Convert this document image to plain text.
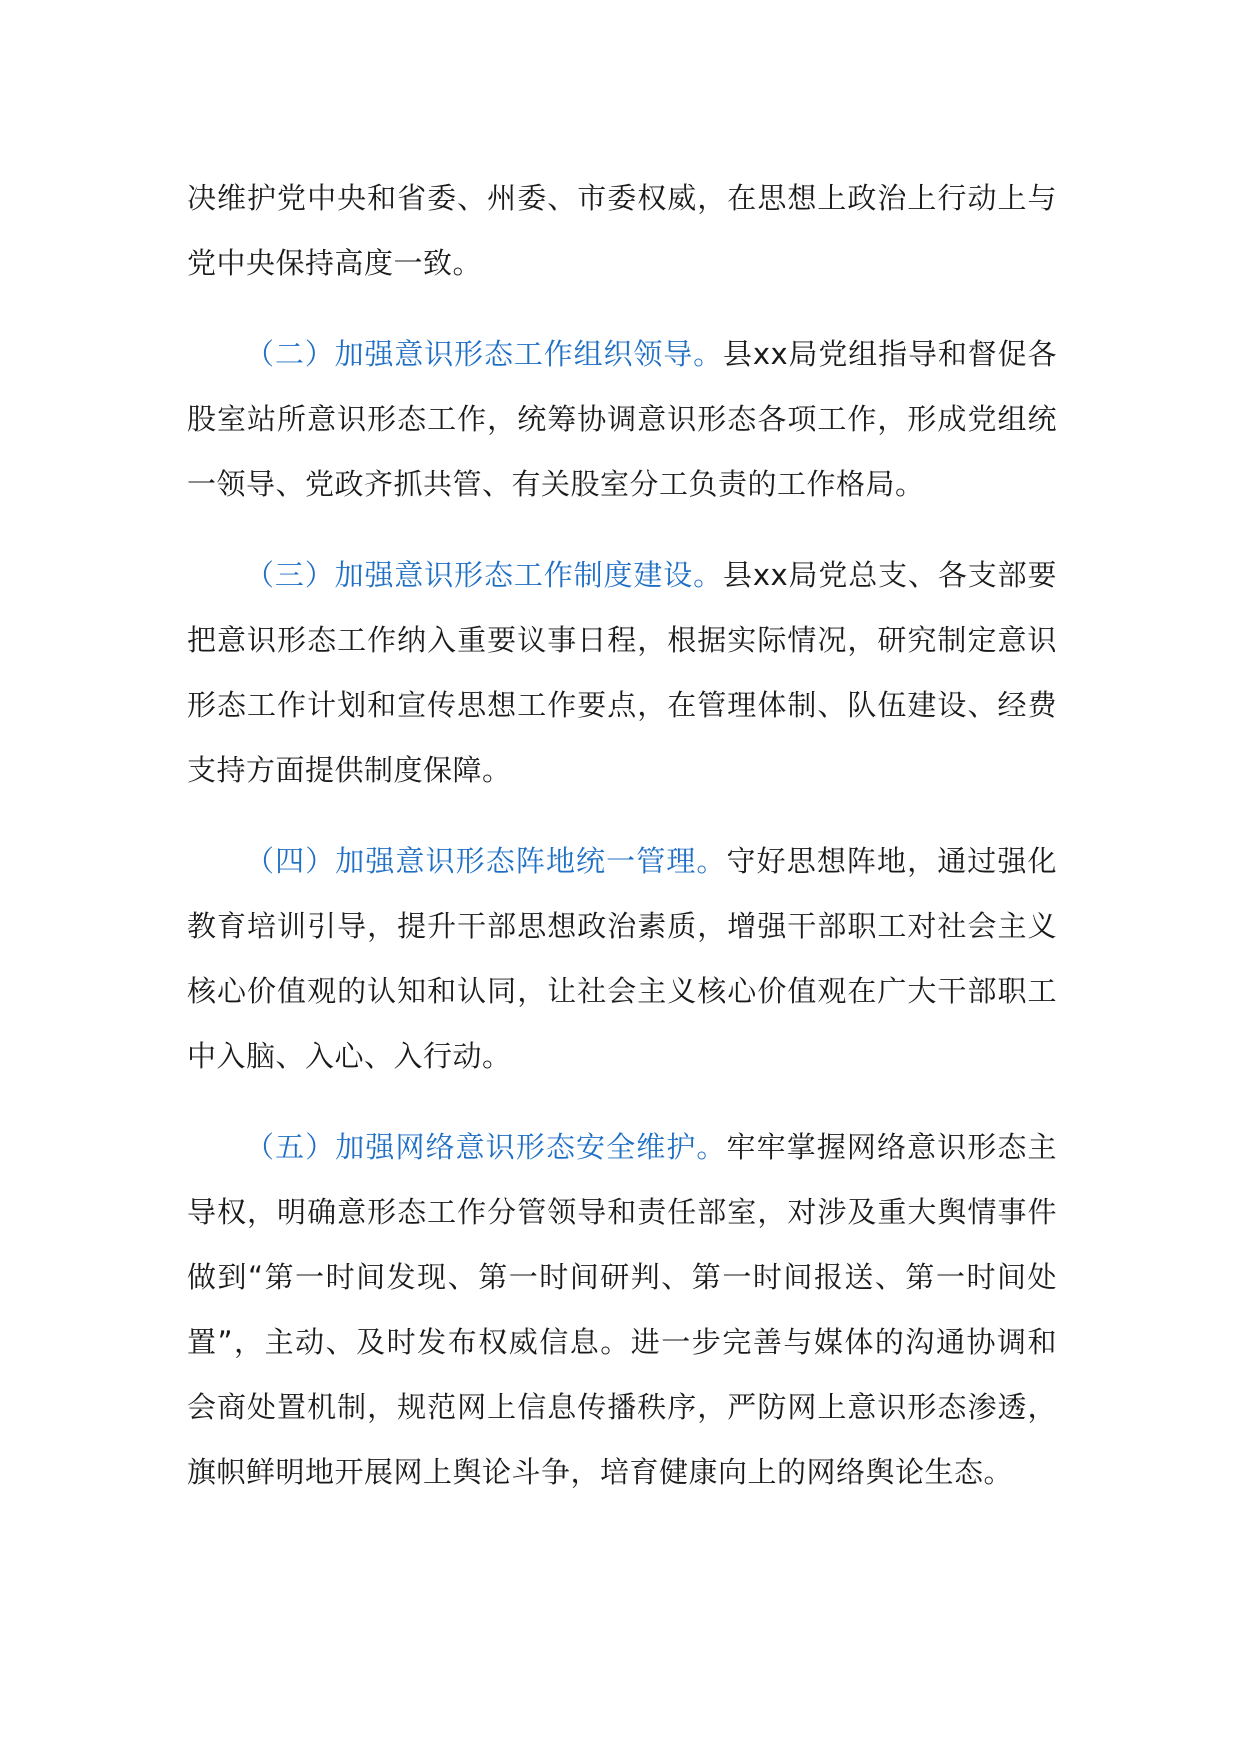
决维护党中央和省委、州委、市委权威，在思想上政治上行动上与党中央保持高度一致。

（二）加强意识形态工作组织领导。县xx局党组指导和督促各股室站所意识形态工作，统筹协调意识形态各项工作，形成党组统一领导、党政齐抓共管、有关股室分工负责的工作格局。

（三）加强意识形态工作制度建设。县xx局党总支、各支部要把意识形态工作纳入重要议事日程，根据实际情况，研究制定意识形态工作计划和宣传思想工作要点，在管理体制、队伍建设、经费支持方面提供制度保障。

（四）加强意识形态阵地统一管理。守好思想阵地，通过强化教育培训引导，提升干部思想政治素质，增强干部职工对社会主义核心价值观的认知和认同，让社会主义核心价值观在广大干部职工中入脑、入心、入行动。

（五）加强网络意识形态安全维护。牢牢掌握网络意识形态主导权，明确意形态工作分管领导和责任部室，对涉及重大舆情事件做到“第一时间发现、第一时间研判、第一时间报送、第一时间处置”，主动、及时发布权威信息。进一步完善与媒体的沟通协调和会商处置机制，规范网上信息传播秩序，严防网上意识形态渗透，旗帜鲜明地开展网上舆论斗争，培育健康向上的网络舆论生态。
